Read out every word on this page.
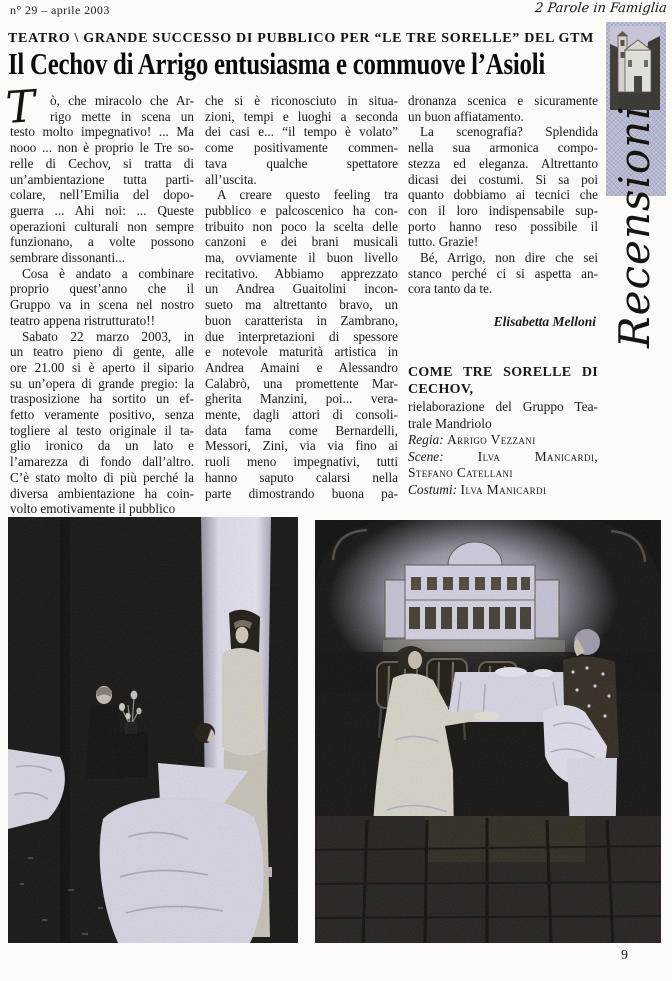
n° 29 – aprile 2003	2 Parole in Famiglia
TEATRO \ GRANDE SUCCESSO DI PUBBLICO PER “LE TRE SORELLE” DEL GTM
Il Cechov di Arrigo entusiasma e commuove l’Asioli
Recensioni
T ò, che miracolo che Ar-
rigo mette in scena un
testo molto impegnativo! ... Ma
nooo ... non è proprio le Tre so-
relle di Cechov, si tratta di
un’ambientazione tutta parti-
colare, nell’Emilia del dopo-
guerra ... Ahi noi: ... Queste
operazioni culturali non sempre
funzionano, a volte possono
sembrare dissonanti...
Cosa è andato a combinare
proprio quest’anno che il
Gruppo va in scena nel nostro
teatro appena ristrutturato!!
Sabato 22 marzo 2003, in
un teatro pieno di gente, alle
ore 21.00 si è aperto il sipario
su un’opera di grande pregio: la
trasposizione ha sortito un ef-
fetto veramente positivo, senza
togliere al testo originale il ta-
glio ironico da un lato e
l’amarezza di fondo dall’altro.
C’è stato molto di più perché la
diversa ambientazione ha coin-
volto emotivamente il pubblico
che si è riconosciuto in situa-
zioni, tempi e luoghi a seconda
dei casi e... “il tempo è volato”
come positivamente commen-
tava qualche spettatore
all’uscita.
A creare questo feeling tra
pubblico e palcoscenico ha con-
tribuito non poco la scelta delle
canzoni e dei brani musicali
ma, ovviamente il buon livello
recitativo. Abbiamo apprezzato
un Andrea Guaitolini incon-
sueto ma altrettanto bravo, un
buon caratterista in Zambrano,
due interpretazioni di spessore
e notevole maturità artistica in
Andrea Amaini e Alessandro
Calabrò, una promettente Mar-
gherita Manzini, poi... vera-
mente, dagli attori di consoli-
data fama come Bernardelli,
Messori, Zini, via via fino ai
ruoli meno impegnativi, tutti
hanno saputo calarsi nella
parte dimostrando buona pa-
dronanza scenica e sicuramente
un buon affiatamento.
La scenografia? Splendida
nella sua armonica compo-
stezza ed eleganza. Altrettanto
dicasi dei costumi. Si sa poi
quanto dobbiamo ai tecnici che
con il loro indispensabile sup-
porto hanno reso possibile il
tutto. Grazie!
Bé, Arrigo, non dire che sei
stanco perché ci si aspetta an-
cora tanto da te.
Elisabetta Melloni
COME TRE SORELLE DI
CECHOV,
rielaborazione del Gruppo Tea-
trale Mandriolo
Regia: Arrigo Vezzani
Scene:	Ilva Manicardi,
Stefano Catellani
Costumi: Ilva Manicardi
9
